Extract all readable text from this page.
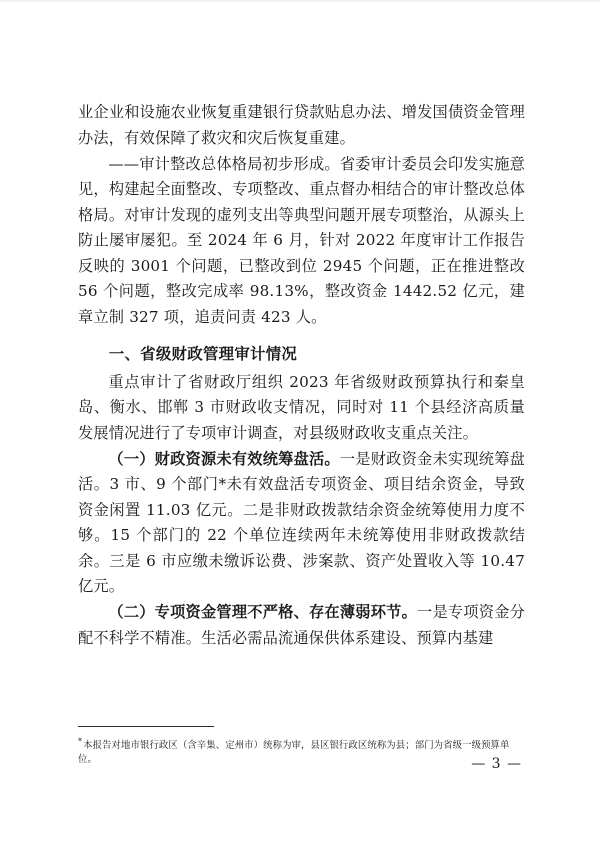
业企业和设施农业恢复重建银行贷款贴息办法、增发国债资金管理办法，有效保障了救灾和灾后恢复重建。

——审计整改总体格局初步形成。省委审计委员会印发实施意见，构建起全面整改、专项整改、重点督办相结合的审计整改总体格局。对审计发现的虚列支出等典型问题开展专项整治，从源头上防止屡审屡犯。至 2024 年 6 月，针对 2022 年度审计工作报告反映的 3001 个问题，已整改到位 2945 个问题，正在推进整改 56 个问题，整改完成率 98.13%，整改资金 1442.52 亿元，建章立制 327 项，追责问责 423 人。

一、省级财政管理审计情况

重点审计了省财政厅组织 2023 年省级财政预算执行和秦皇岛、衡水、邯郸 3 市财政收支情况，同时对 11 个县经济高质量发展情况进行了专项审计调查，对县级财政收支重点关注。

（一）财政资源未有效统筹盘活。一是财政资金未实现统筹盘活。3 市、9 个部门*未有效盘活专项资金、项目结余资金，导致资金闲置 11.03 亿元。二是非财政拨款结余资金统筹使用力度不够。15 个部门的 22 个单位连续两年未统筹使用非财政拨款结余。三是 6 市应缴未缴诉讼费、涉案款、资产处置收入等 10.47 亿元。

（二）专项资金管理不严格、存在薄弱环节。一是专项资金分配不科学不精准。生活必需品流通保供体系建设、预算内基建

*本报告对地市银行政区（含辛集、定州市）统称为审，县区银行政区统称为县；部门为省级一级预算单位。	— 3 —
